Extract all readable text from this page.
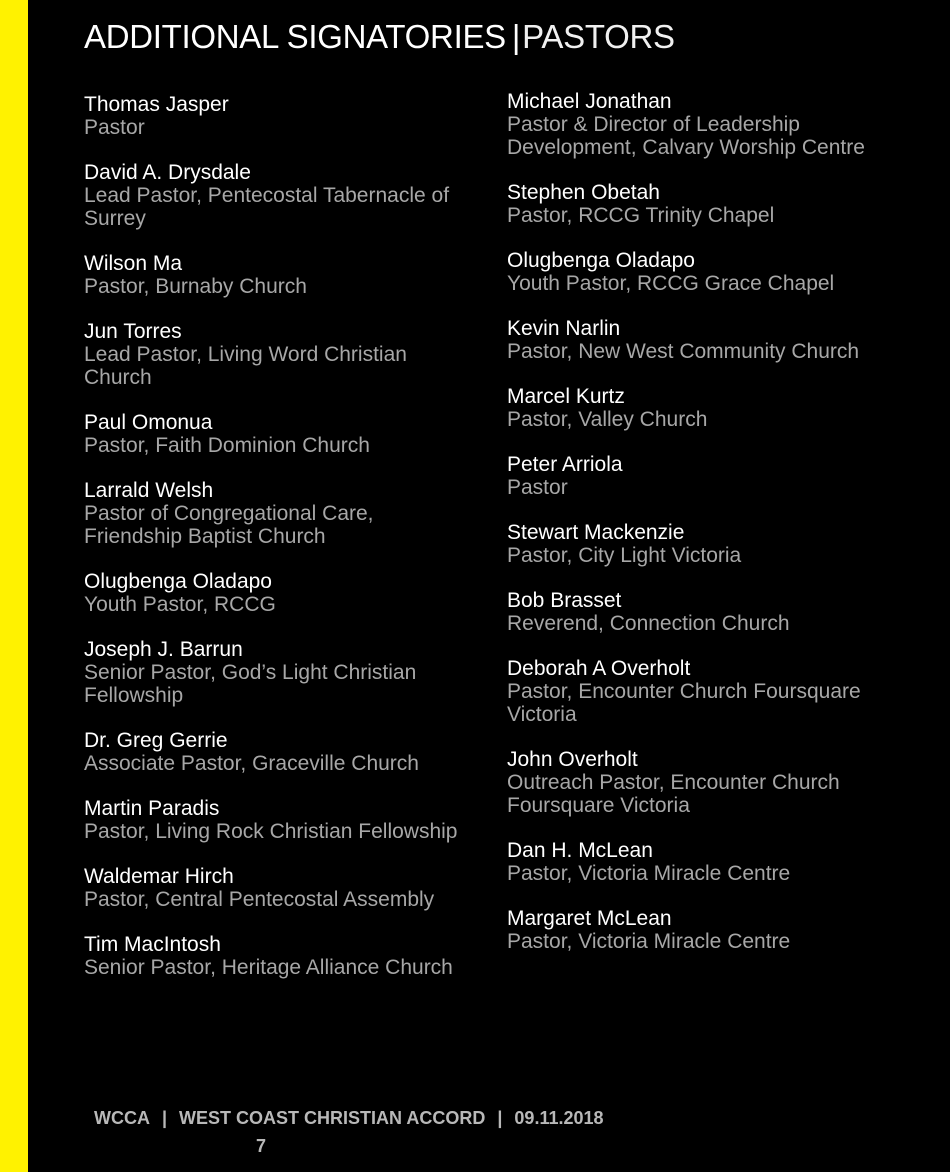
ADDITIONAL SIGNATORIES |PASTORS
Thomas Jasper
Pastor
David A. Drysdale
Lead Pastor, Pentecostal Tabernacle of Surrey
Wilson Ma
Pastor, Burnaby Church
Jun Torres
Lead Pastor, Living Word Christian Church
Paul Omonua
Pastor, Faith Dominion Church
Larrald Welsh
Pastor of Congregational Care, Friendship Baptist Church
Olugbenga Oladapo
Youth Pastor, RCCG
Joseph J. Barrun
Senior Pastor, God’s Light Christian Fellowship
Dr. Greg Gerrie
Associate Pastor, Graceville Church
Martin Paradis
Pastor, Living Rock Christian Fellowship
Waldemar Hirch
Pastor, Central Pentecostal Assembly
Tim MacIntosh
Senior Pastor, Heritage Alliance Church
Michael Jonathan
Pastor & Director of Leadership Development, Calvary Worship Centre
Stephen Obetah
Pastor, RCCG Trinity Chapel
Olugbenga Oladapo
Youth Pastor, RCCG Grace Chapel
Kevin Narlin
Pastor, New West Community Church
Marcel Kurtz
Pastor, Valley Church
Peter Arriola
Pastor
Stewart Mackenzie
Pastor, City Light Victoria
Bob Brasset
Reverend, Connection Church
Deborah A Overholt
Pastor, Encounter Church Foursquare Victoria
John Overholt
Outreach Pastor, Encounter Church Foursquare Victoria
Dan H. McLean
Pastor, Victoria Miracle Centre
Margaret McLean
Pastor, Victoria Miracle Centre
WCCA | WEST COAST CHRISTIAN ACCORD | 09.11.2018
7
